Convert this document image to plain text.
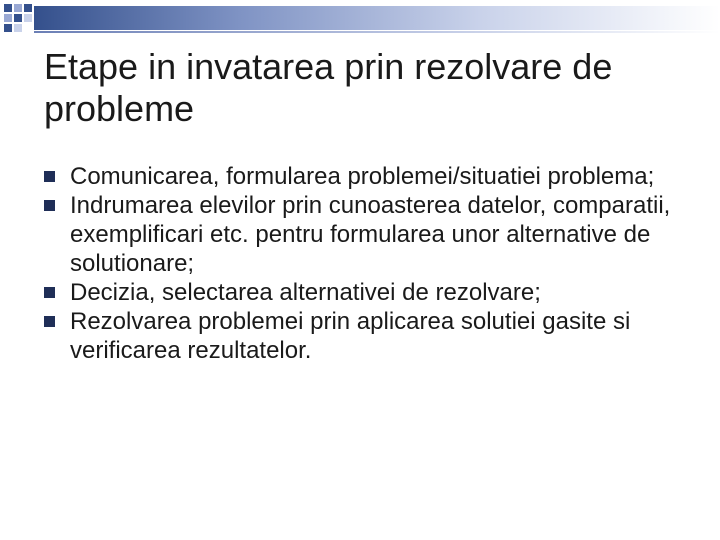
Etape in invatarea prin rezolvare de probleme
Comunicarea, formularea problemei/situatiei problema;
Indrumarea elevilor prin cunoasterea datelor, comparatii, exemplificari etc. pentru formularea unor alternative de solutionare;
Decizia, selectarea alternativei de rezolvare;
Rezolvarea problemei prin aplicarea solutiei gasite si verificarea rezultatelor.
